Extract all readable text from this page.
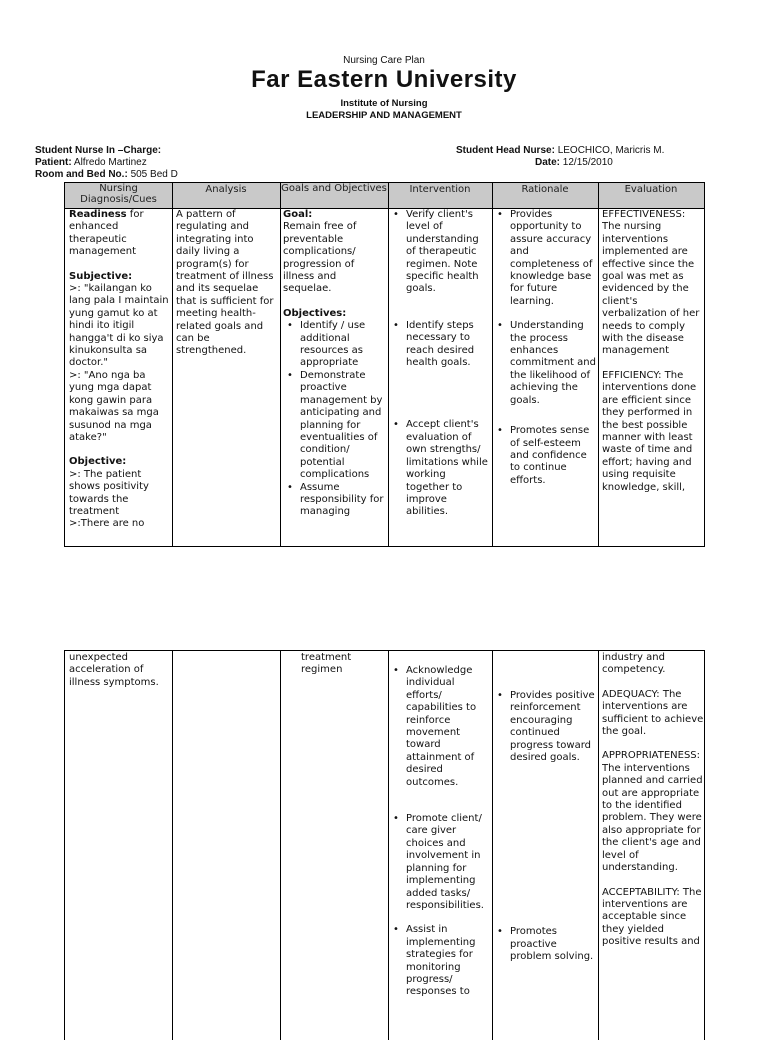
Nursing Care Plan
Far Eastern University
Institute of Nursing
LEADERSHIP AND MANAGEMENT
Student Nurse In –Charge:
Patient: Alfredo Martinez
Room and Bed No.: 505 Bed D
Student Head Nurse: LEOCHICO, Maricris M.
Date: 12/15/2010
Nursing Diagnosis/Cues
Analysis	Goals and Objectives	Intervention	Rationale	Evaluation

Readiness for enhanced therapeutic management

Subjective:

>: "kailangan ko lang pala I maintain yung gamut ko at hindi ito itigil hangga't di ko siya kinukonsulta sa doctor."

>: "Ano nga ba yung mga dapat kong gawin para makaiwas sa mga susunod na mga atake?"

Objective:

>: The patient shows positivity towards the treatment

>:There are no

A pattern of regulating and integrating into daily living a program(s) for treatment of illness and its sequelae that is sufficient for meeting health-related goals and can be strengthened.

Goal:

Remain free of preventable complications/ progression of illness and sequelae.

Objectives:

• Identify / use additional resources as appropriate
• Demonstrate proactive management by anticipating and planning for eventualities of condition/ potential complications
• Assume responsibility for managing
• Verify client's level of understanding of therapeutic regimen. Note specific health goals.
• Identify steps necessary to reach desired health goals.
• Accept client's evaluation of own strengths/ limitations while working together to improve abilities.
• Provides opportunity to assure accuracy and completeness of knowledge base for future learning.
• Understanding the process enhances commitment and the likelihood of achieving the goals.
• Promotes sense of self-esteem and confidence to continue efforts.

EFFECTIVENESS: The nursing interventions implemented are effective since the goal was met as evidenced by the client's verbalization of her needs to comply with the disease management

EFFICIENCY: The interventions done are efficient since they performed in the best possible manner with least waste of time and effort; having and using requisite knowledge, skill,

unexpected acceleration of illness symptoms.

treatment regimen

•	Acknowledge individual efforts/ capabilities to reinforce movement toward attainment of desired outcomes.
• Promote client/ care giver choices and involvement in planning for implementing added tasks/ responsibilities.
• Assist in implementing strategies for monitoring progress/ responses to
• Provides positive reinforcement encouraging continued progress toward desired goals.
• Promotes proactive problem solving.

industry and competency.

ADEQUACY: The interventions are sufficient to achieve the goal.

APPROPRIATENESS: The interventions planned and carried out are appropriate to the identified problem. They were also appropriate for the client's age and level of understanding.

ACCEPTABILITY: The interventions are acceptable since they yielded positive results and
